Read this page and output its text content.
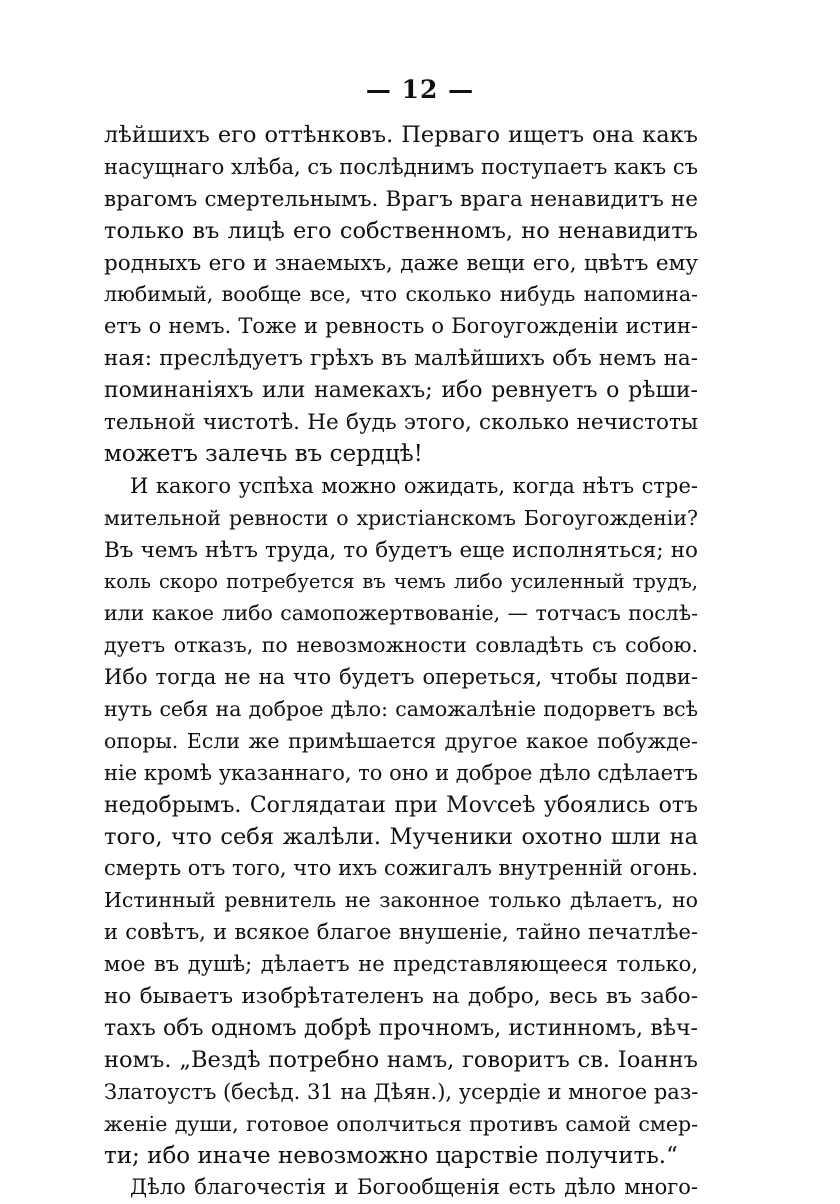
— 12 —
лѣйшихъ его оттѣнковъ. Перваго ищетъ она какъ
насущнаго хлѣба, съ послѣднимъ поступаетъ какъ съ
врагомъ смертельнымъ. Врагъ врага ненавидитъ не
только въ лицѣ его собственномъ, но ненавидитъ
родныхъ его и знаемыхъ, даже вещи его, цвѣтъ ему
любимый, вообще все, что сколько нибудь напомина-
етъ о немъ. Тоже и ревность о Богоугожденіи истин-
ная: преслѣдуетъ грѣхъ въ малѣйшихъ объ немъ на-
поминаніяхъ или намекахъ; ибо ревнуетъ о рѣши-
тельной чистотѣ. Не будь этого, сколько нечистоты
можетъ залечь въ сердцѣ!
И какого успѣха можно ожидать, когда нѣтъ стре-
мительной ревности о христіанскомъ Богоугожденіи?
Въ чемъ нѣтъ труда, то будетъ еще исполняться; но
коль скоро потребуется въ чемъ либо усиленный трудъ,
или какое либо самопожертвованіе, — тотчасъ послѣ-
дуетъ отказъ, по невозможности совладѣть съ собою.
Ибо тогда не на что будетъ опереться, чтобы подви-
нуть себя на доброе дѣло: саможалѣніе подорветъ всѣ
опоры. Если же примѣшается другое какое побужде-
ніе кромѣ указаннаго, то оно и доброе дѣло сдѣлаетъ
недобрымъ. Соглядатаи при Моѵсеѣ убоялись отъ
того, что себя жалѣли. Мученики охотно шли на
смерть отъ того, что ихъ сожигалъ внутренній огонь.
Истинный ревнитель не законное только дѣлаетъ, но
и совѣтъ, и всякое благое внушеніе, тайно печатлѣе-
мое въ душѣ; дѣлаетъ не представляющееся только,
но бываетъ изобрѣтателенъ на добро, весь въ забо-
тахъ объ одномъ добрѣ прочномъ, истинномъ, вѣч-
номъ. „Вездѣ потребно намъ, говоритъ св. Іоаннъ
Златоустъ (бесѣд. 31 на Дѣян.), усердіе и многое раз-
женіе души, готовое ополчиться противъ самой смер-
ти; ибо иначе невозможно царствіе получить.“
Дѣло благочестія и Богообщенія есть дѣло много-
